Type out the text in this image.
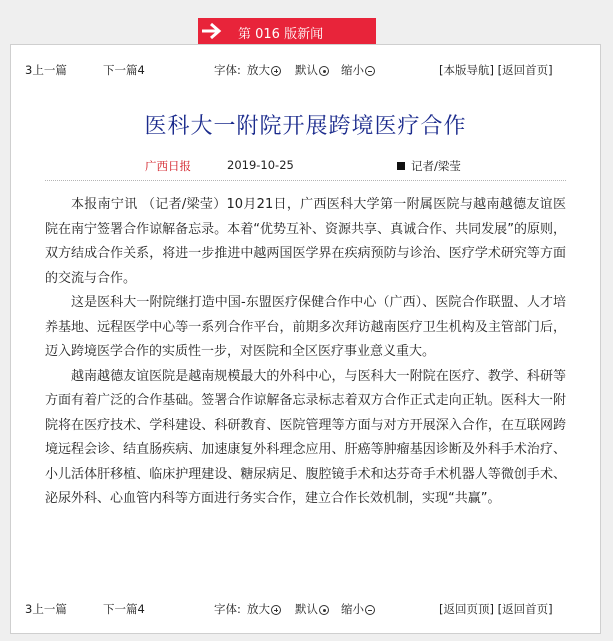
第 016 版新闻
3上一篇	下一篇4	字体: 放大	默认	缩小	[本版导航] [返回首页]
医科大一附院开展跨境医疗合作
广西日报	2019-10-25	记者/梁莹

本报南宁讯 （记者/梁莹）10月21日，广西医科大学第一附属医院与越南越德友谊医院在南宁签署合作谅解备忘录。本着“优势互补、资源共享、真诚合作、共同发展”的原则，双方结成合作关系，将进一步推进中越两国医学界在疾病预防与诊治、医疗学术研究等方面的交流与合作。

这是医科大一附院继打造中国-东盟医疗保健合作中心（广西）、医院合作联盟、人才培养基地、远程医学中心等一系列合作平台，前期多次拜访越南医疗卫生机构及主管部门后，迈入跨境医学合作的实质性一步，对医院和全区医疗事业意义重大。

越南越德友谊医院是越南规模最大的外科中心，与医科大一附院在医疗、教学、科研等方面有着广泛的合作基础。签署合作谅解备忘录标志着双方合作正式走向正轨。医科大一附院将在医疗技术、学科建设、科研教育、医院管理等方面与对方开展深入合作，在互联网跨境远程会诊、结直肠疾病、加速康复外科理念应用、肝癌等肿瘤基因诊断及外科手术治疗、小儿活体肝移植、临床护理建设、糖尿病足、腹腔镜手术和达芬奇手术机器人等微创手术、泌尿外科、心血管内科等方面进行务实合作，建立合作长效机制，实现“共赢”。

3上一篇	下一篇4	字体: 放大	默认	缩小	[返回页顶] [返回首页]
